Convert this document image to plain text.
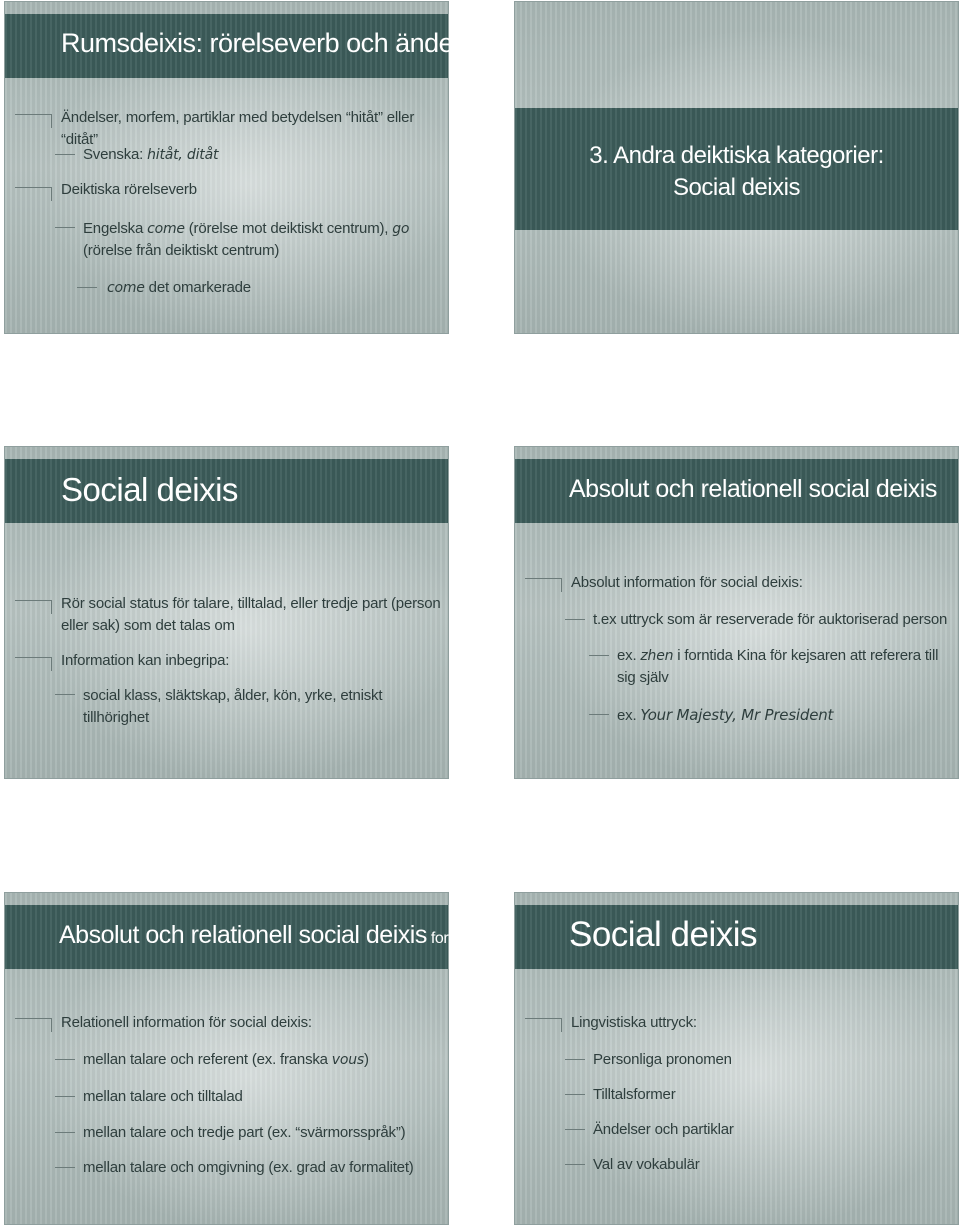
Rumsdeixis: rörelseverb och ändelser
Ändelser, morfem, partiklar med betydelsen “hitåt” eller “ditåt”
Svenska: hitåt, ditåt
Deiktiska rörelseverb
Engelska come (rörelse mot deiktiskt centrum), go
(rörelse från deiktiskt centrum)
come det omarkerade
3. Andra deiktiska kategorier:
Social deixis
Social deixis
Rör social status för talare, tilltalad, eller tredje part (person
eller sak) som det talas om
Information kan inbegripa:
social klass, släktskap, ålder, kön, yrke, etniskt tillhörighet
Absolut och relationell social deixis
Absolut information för social deixis:
t.ex uttryck som är reserverade för auktoriserad person
ex. zhen i forntida Kina för kejsaren att referera till
sig själv
ex. Your Majesty, Mr President
Absolut och relationell social deixis forts.
Relationell information för social deixis:
mellan talare och referent (ex. franska vous)
mellan talare och tilltalad
mellan talare och tredje part (ex. “svärmorsspråk”)
mellan talare och omgivning (ex. grad av formalitet)
Social deixis
Lingvistiska uttryck:
Personliga pronomen
Tilltalsformer
Ändelser och partiklar
Val av vokabulär
